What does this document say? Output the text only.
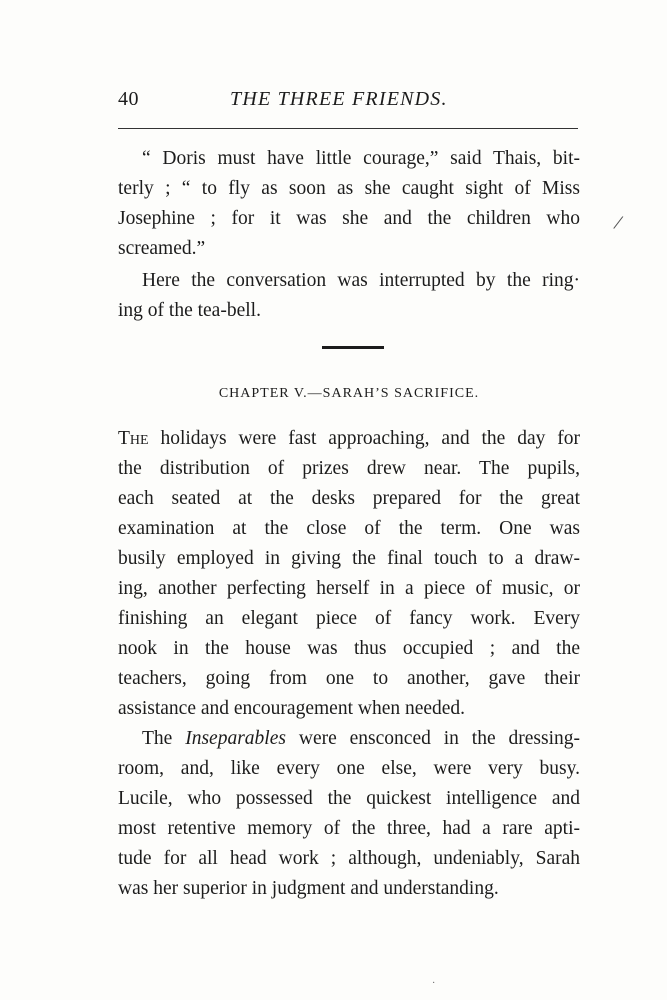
40	THE THREE FRIENDS.
“ Doris must have little courage,” said Thais, bit-
terly ; “ to fly as soon as she caught sight of Miss
Josephine ; for it was she and the children who
screamed.”
Here the conversation was interrupted by the ring·
ing of the tea-bell.
CHAPTER V.—SARAH’S SACRIFICE.
The holidays were fast approaching, and the day for
the distribution of prizes drew near. The pupils,
each seated at the desks prepared for the great
examination at the close of the term. One was
busily employed in giving the final touch to a draw-
ing, another perfecting herself in a piece of music, or
finishing an elegant piece of fancy work. Every
nook in the house was thus occupied ; and the
teachers, going from one to another, gave their
assistance and encouragement when needed.
The Inseparables were ensconced in the dressing-
room, and, like every one else, were very busy.
Lucile, who possessed the quickest intelligence and
most retentive memory of the three, had a rare apti-
tude for all head work ; although, undeniably, Sarah
was her superior in judgment and understanding.
/
·
